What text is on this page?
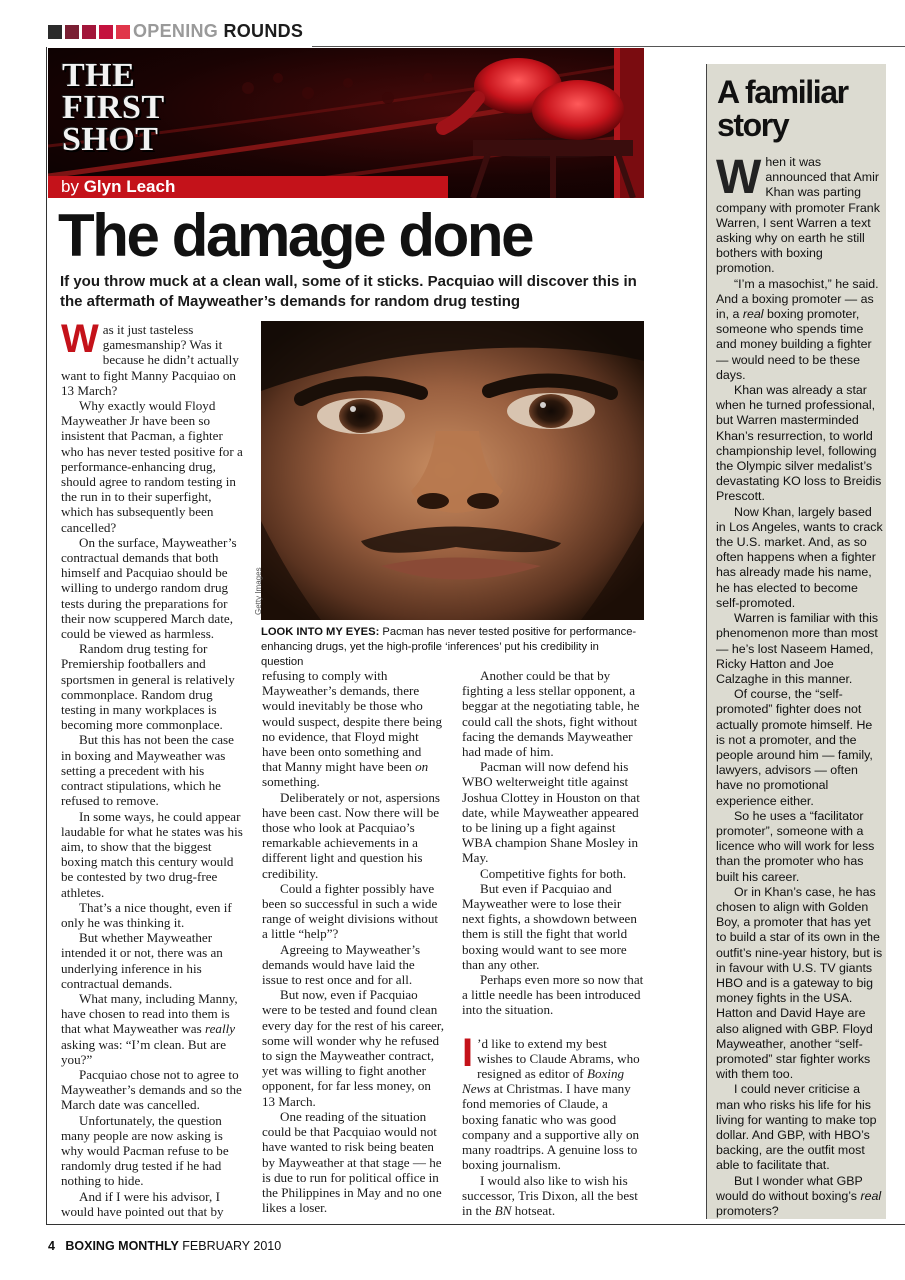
OPENING ROUNDS
THE
FIRST
SHOT
by Glyn Leach
The damage done
If you throw muck at a clean wall, some of it sticks. Pacquiao will discover this in the aftermath of Mayweather’s demands for random drug testing
Getty Images
LOOK INTO MY EYES: Pacman has never tested positive for performance-enhancing drugs, yet the high-profile ‘inferences’ put his credibility in question

Was it just tasteless gamesmanship? Was it because he didn’t actually want to fight Manny Pacquiao on 13 March?

Why exactly would Floyd Mayweather Jr have been so insistent that Pacman, a fighter who has never tested positive for a performance-enhancing drug, should agree to random testing in the run in to their superfight, which has subsequently been cancelled?

On the surface, Mayweather’s contractual demands that both himself and Pacquiao should be willing to undergo random drug tests during the preparations for their now scuppered March date, could be viewed as harmless.

Random drug testing for Premiership footballers and sportsmen in general is relatively commonplace. Random drug testing in many workplaces is becoming more commonplace.

But this has not been the case in boxing and Mayweather was setting a precedent with his contract stipulations, which he refused to remove.

In some ways, he could appear laudable for what he states was his aim, to show that the biggest boxing match this century would be contested by two drug-free athletes.

That’s a nice thought, even if only he was thinking it.

But whether Mayweather intended it or not, there was an underlying inference in his contractual demands.

What many, including Manny, have chosen to read into them is that what Mayweather was really asking was: “I’m clean. But are you?”

Pacquiao chose not to agree to Mayweather’s demands and so the March date was cancelled.

Unfortunately, the question many people are now asking is why would Pacman refuse to be randomly drug tested if he had nothing to hide.

And if I were his advisor, I would have pointed out that by

refusing to comply with Mayweather’s demands, there would inevitably be those who would suspect, despite there being no evidence, that Floyd might have been onto something and that Manny might have been on something.

Deliberately or not, aspersions have been cast. Now there will be those who look at Pacquiao’s remarkable achievements in a different light and question his credibility.

Could a fighter possibly have been so successful in such a wide range of weight divisions without a little “help”?

Agreeing to Mayweather’s demands would have laid the issue to rest once and for all.

But now, even if Pacquiao were to be tested and found clean every day for the rest of his career, some will wonder why he refused to sign the Mayweather contract, yet was willing to fight another opponent, for far less money, on 13 March.

One reading of the situation could be that Pacquiao would not have wanted to risk being beaten by Mayweather at that stage — he is due to run for political office in the Philippines in May and no one likes a loser.

Another could be that by fighting a less stellar opponent, a beggar at the negotiating table, he could call the shots, fight without facing the demands Mayweather had made of him.

Pacman will now defend his WBO welterweight title against Joshua Clottey in Houston on that date, while Mayweather appeared to be lining up a fight against WBA champion Shane Mosley in May.

Competitive fights for both.

But even if Pacquiao and Mayweather were to lose their next fights, a showdown between them is still the fight that world boxing would want to see more than any other.

Perhaps even more so now that a little needle has been introduced into the situation.

I ’d like to extend my best wishes to Claude Abrams, who resigned as editor of Boxing News at Christmas. I have many fond memories of Claude, a boxing fanatic who was good company and a supportive ally on many roadtrips. A genuine loss to boxing journalism.

I would also like to wish his successor, Tris Dixon, all the best in the BN hotseat.

A familiar story

When it was announced that Amir Khan was parting company with promoter Frank Warren, I sent Warren a text asking why on earth he still bothers with boxing promotion.

“I’m a masochist,” he said. And a boxing promoter — as in, a real boxing promoter, someone who spends time and money building a fighter — would need to be these days.

Khan was already a star when he turned professional, but Warren masterminded Khan’s resurrection, to world championship level, following the Olympic silver medalist’s devastating KO loss to Breidis Prescott.

Now Khan, largely based in Los Angeles, wants to crack the U.S. market. And, as so often happens when a fighter has already made his name, he has elected to become self-promoted.

Warren is familiar with this phenomenon more than most — he’s lost Naseem Hamed, Ricky Hatton and Joe Calzaghe in this manner.

Of course, the “self-promoted” fighter does not actually promote himself. He is not a promoter, and the people around him — family, lawyers, advisors — often have no promotional experience either.

So he uses a “facilitator promoter”, someone with a licence who will work for less than the promoter who has built his career.

Or in Khan’s case, he has chosen to align with Golden Boy, a promoter that has yet to build a star of its own in the outfit’s nine-year history, but is in favour with U.S. TV giants HBO and is a gateway to big money fights in the USA. Hatton and David Haye are also aligned with GBP. Floyd Mayweather, another “self-promoted” star fighter works with them too.

I could never criticise a man who risks his life for his living for wanting to make top dollar. And GBP, with HBO’s backing, are the outfit most able to facilitate that.

But I wonder what GBP would do without boxing’s real promoters?

4 BOXING MONTHLY FEBRUARY 2010
